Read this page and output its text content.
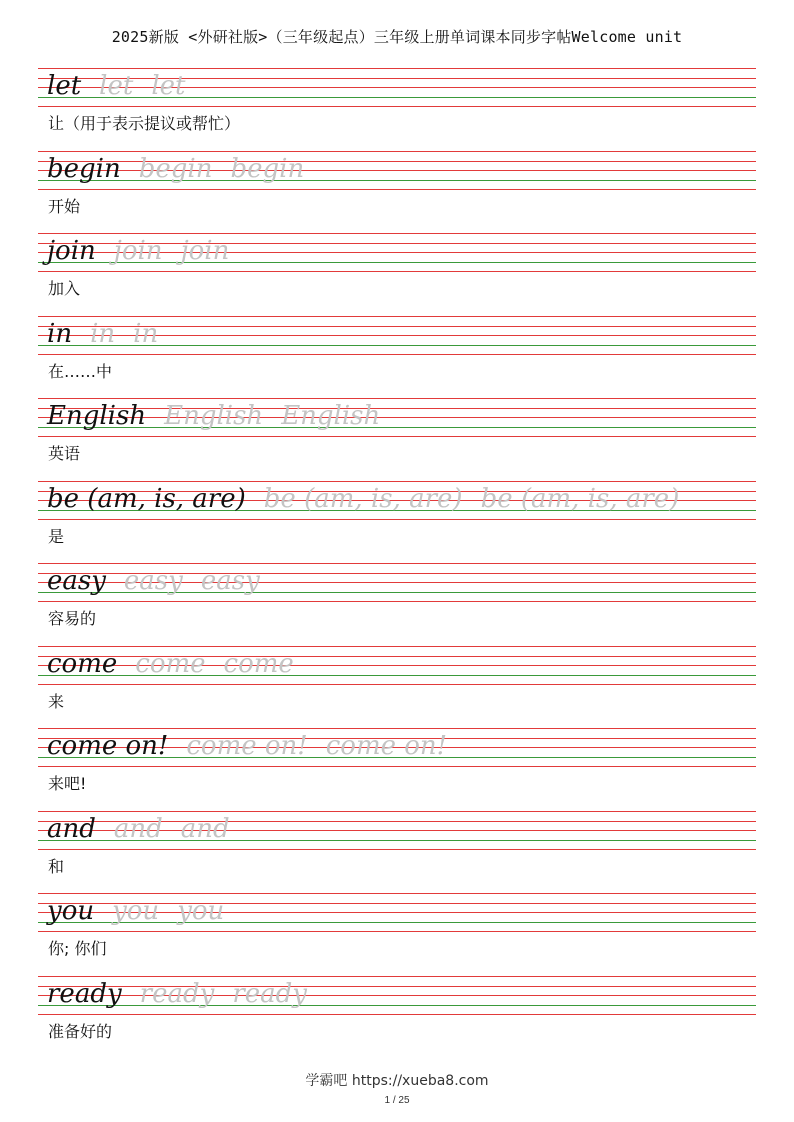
2025新版 <外研社版>（三年级起点）三年级上册单词课本同步字帖Welcome unit
let let let
让（用于表示提议或帮忙）
begin begin begin
开始
join join join
加入
in in in
在……中
English English English
英语
be (am, is, are) be (am, is, are) be (am, is, are)
是
easy easy easy
容易的
come come come
来
come on! come on! come on!
来吧!
and and and
和
you you you
你; 你们
ready ready ready
准备好的
学霸吧 https://xueba8.com
1 / 25
